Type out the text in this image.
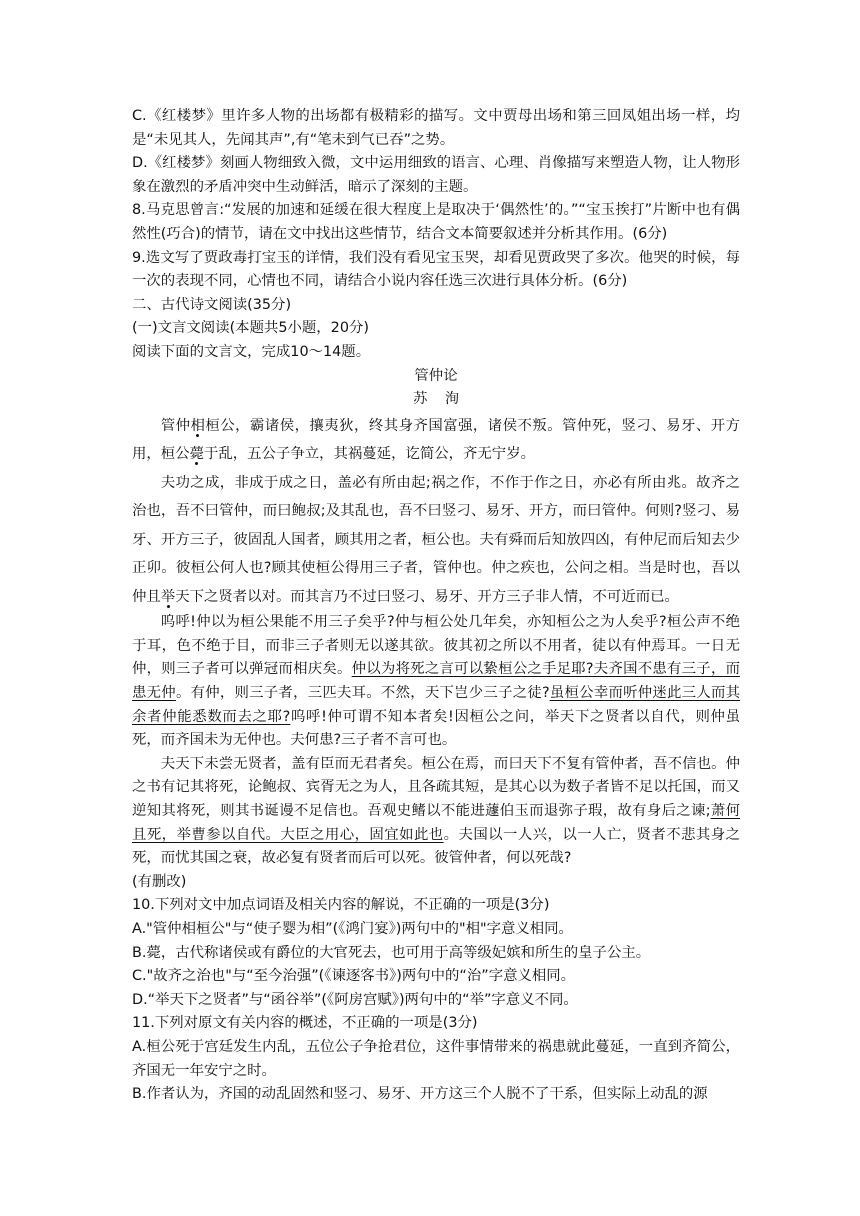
C.《红楼梦》里许多人物的出场都有极精彩的描写。文中贾母出场和第三回凤姐出场一样，均是“未见其人，先闻其声”,有“笔未到气已吞”之势。

D.《红楼梦》刻画人物细致入微，文中运用细致的语言、心理、肖像描写来塑造人物，让人物形象在激烈的矛盾冲突中生动鲜活，暗示了深刻的主题。

8.马克思曾言:“发展的加速和延缓在很大程度上是取决于‘偶然性’的。”“宝玉挨打”片断中也有偶然性(巧合)的情节，请在文中找出这些情节，结合文本简要叙述并分析其作用。(6分)

9.选文写了贾政毒打宝玉的详情，我们没有看见宝玉哭，却看见贾政哭了多次。他哭的时候，每一次的表现不同，心情也不同，请结合小说内容任选三次进行具体分析。(6分)

二、古代诗文阅读(35分)

(一)文言文阅读(本题共5小题，20分)

阅读下面的文言文，完成10～14题。

管仲论

苏洵

管仲相桓公，霸诸侯，攘夷狄，终其身齐国富强，诸侯不叛。管仲死，竖刁、易牙、开方用，桓公薨于乱，五公子争立，其祸蔓延，讫简公，齐无宁岁。

夫功之成，非成于成之日，盖必有所由起;祸之作，不作于作之日，亦必有所由兆。故齐之治也，吾不曰管仲，而曰鲍叔;及其乱也，吾不曰竖刁、易牙、开方，而曰管仲。何则?竖刁、易牙、开方三子，彼固乱人国者，顾其用之者，桓公也。夫有舜而后知放四凶，有仲尼而后知去少正卯。彼桓公何人也?顾其使桓公得用三子者，管仲也。仲之疾也，公问之相。当是时也，吾以仲且举天下之贤者以对。而其言乃不过曰竖刁、易牙、开方三子非人情，不可近而已。

呜呼!仲以为桓公果能不用三子矣乎?仲与桓公处几年矣，亦知桓公之为人矣乎?桓公声不绝于耳，色不绝于目，而非三子者则无以遂其欲。彼其初之所以不用者，徒以有仲焉耳。一日无仲，则三子者可以弹冠而相庆矣。仲以为将死之言可以絷桓公之手足耶?夫齐国不患有三子，而患无仲。有仲，则三子者，三匹夫耳。不然，天下岂少三子之徒?虽桓公幸而听仲迷此三人而其余者仲能悉数而去之耶?呜呼!仲可谓不知本者矣!因桓公之问，举天下之贤者以自代，则仲虽死，而齐国未为无仲也。夫何患?三子者不言可也。

夫天下未尝无贤者，盖有臣而无君者矣。桓公在焉，而曰天下不复有管仲者，吾不信也。仲之书有记其将死，论鲍叔、宾胥无之为人，且各疏其短，是其心以为数子者皆不足以托国，而又逆知其将死，则其书诞谩不足信也。吾观史鳍以不能进蘧伯玉而退弥子瑕，故有身后之谏;萧何且死，举曹参以自代。大臣之用心，固宜如此也。夫国以一人兴，以一人亡，贤者不悲其身之死，而忧其国之衰，故必复有贤者而后可以死。彼管仲者，何以死哉?

(有删改)

10.下列对文中加点词语及相关内容的解说，不正确的一项是(3分)

A."管仲相桓公"与“使子婴为相”(《鸿门宴》)两句中的"相"字意义相同。

B.薨，古代称诸侯或有爵位的大官死去，也可用于高等级妃嫔和所生的皇子公主。

C."故齐之治也"与“至今治强”(《谏逐客书》)两句中的“治”字意义相同。

D.“举天下之贤者”与“函谷举”(《阿房宫赋》)两句中的“举”字意义不同。

11.下列对原文有关内容的概述，不正确的一项是(3分)

A.桓公死于宫廷发生内乱，五位公子争抢君位，这件事情带来的祸患就此蔓延，一直到齐简公，齐国无一年安宁之时。

B.作者认为，齐国的动乱固然和竖刁、易牙、开方这三个人脱不了干系，但实际上动乱的源
